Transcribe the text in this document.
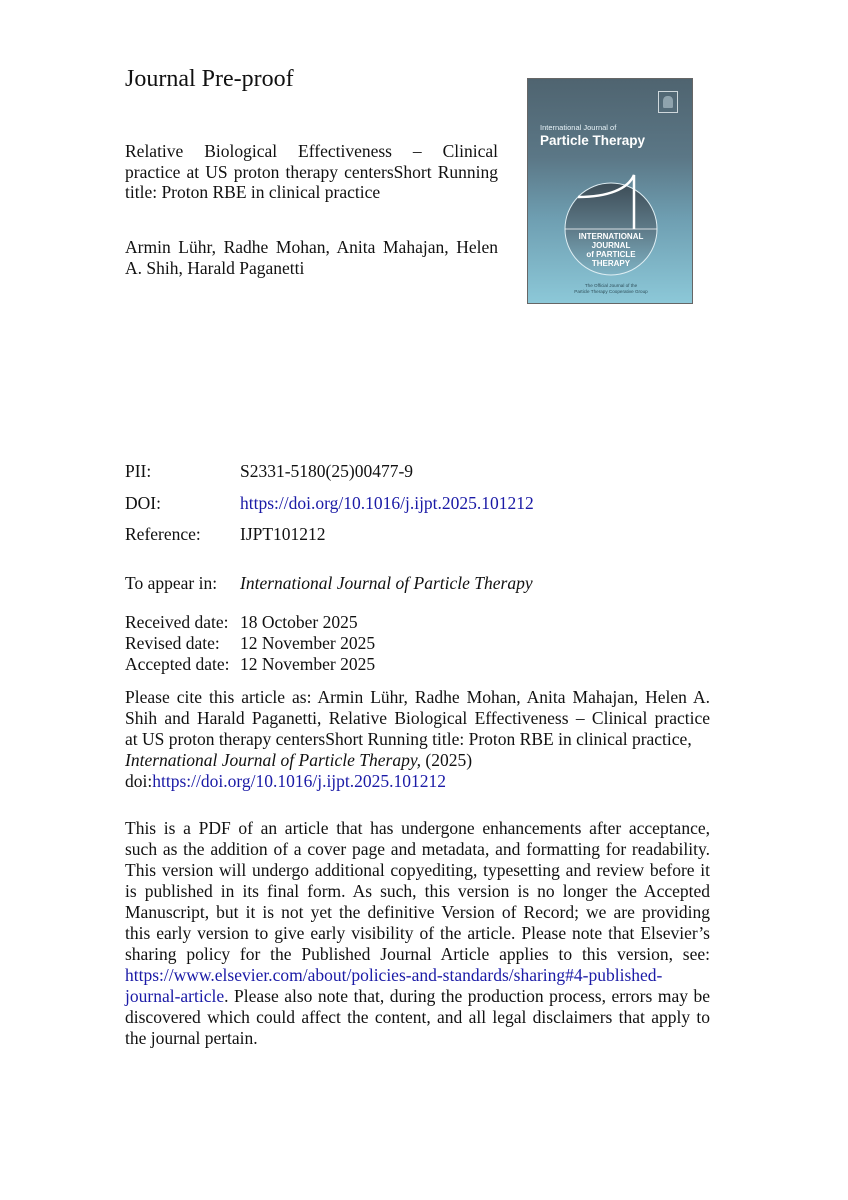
Journal Pre-proof
Relative Biological Effectiveness – Clinical
practice at US proton therapy centersShort Running
title: Proton RBE in clinical practice
Armin Lühr, Radhe Mohan, Anita Mahajan, Helen
A. Shih, Harald Paganetti
International Journal of
Particle Therapy
INTERNATIONAL
JOURNAL
of PARTICLE
THERAPY
The Official Journal of the
Particle Therapy Cooperative Group
PII:	S2331-5180(25)00477-9
DOI:	https://doi.org/10.1016/j.ijpt.2025.101212
Reference: IJPT101212
To appear in: International Journal of Particle Therapy
Received date: 18 October 2025
Revised date: 12 November 2025
Accepted date: 12 November 2025
Please cite this article as: Armin Lühr, Radhe Mohan, Anita Mahajan, Helen A.
Shih and Harald Paganetti, Relative Biological Effectiveness – Clinical practice
at US proton therapy centersShort Running title: Proton RBE in clinical practice,
International Journal of Particle Therapy, (2025)
doi:https://doi.org/10.1016/j.ijpt.2025.101212
This is a PDF of an article that has undergone enhancements after acceptance,
such as the addition of a cover page and metadata, and formatting for readability.
This version will undergo additional copyediting, typesetting and review before it
is published in its final form. As such, this version is no longer the Accepted
Manuscript, but it is not yet the definitive Version of Record; we are providing
this early version to give early visibility of the article. Please note that Elsevier’s
sharing policy for the Published Journal Article applies to this version, see:
https://www.elsevier.com/about/policies-and-standards/sharing#4-published-
journal-article. Please also note that, during the production process, errors may be
discovered which could affect the content, and all legal disclaimers that apply to
the journal pertain.
